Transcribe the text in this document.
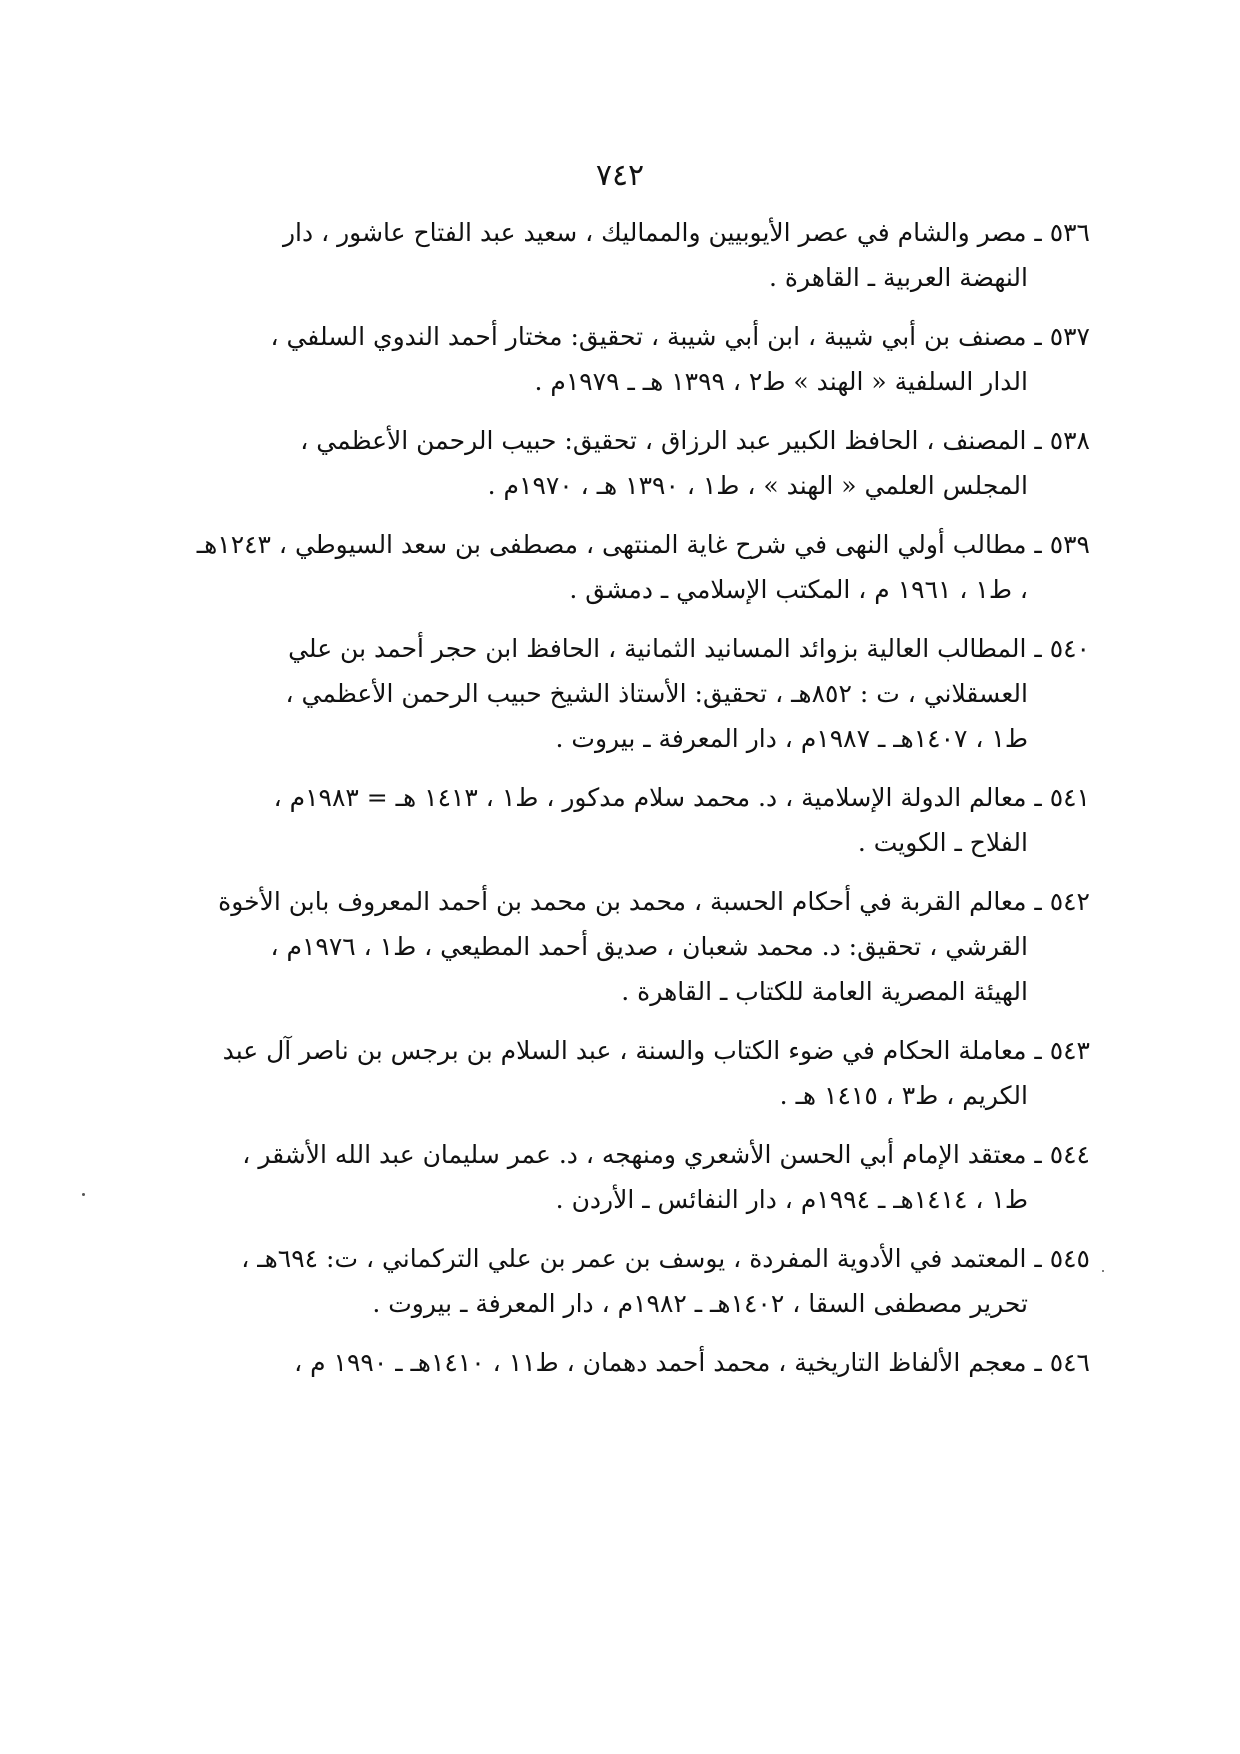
٧٤٢
٥٣٦ ـ مصر والشام في عصر الأيوبيين والمماليك ، سعيد عبد الفتاح عاشور ، دار
النهضة العربية ـ القاهرة .
٥٣٧ ـ مصنف بن أبي شيبة ، ابن أبي شيبة ، تحقيق: مختار أحمد الندوي السلفي ،
الدار السلفية « الهند » ط٢ ، ١٣٩٩ هـ ـ ١٩٧٩م .
٥٣٨ ـ المصنف ، الحافظ الكبير عبد الرزاق ، تحقيق: حبيب الرحمن الأعظمي ،
المجلس العلمي « الهند » ، ط١ ، ١٣٩٠ هـ ، ١٩٧٠م .
٥٣٩ ـ مطالب أولي النهى في شرح غاية المنتهى ، مصطفى بن سعد السيوطي ، ١٢٤٣هـ
، ط١ ، ١٩٦١ م ، المكتب الإسلامي ـ دمشق .
٥٤٠ ـ المطالب العالية بزوائد المسانيد الثمانية ، الحافظ ابن حجر أحمد بن علي
العسقلاني ، ت : ٨٥٢هـ ، تحقيق: الأستاذ الشيخ حبيب الرحمن الأعظمي ،
ط١ ، ١٤٠٧هـ ـ ١٩٨٧م ، دار المعرفة ـ بيروت .
٥٤١ ـ معالم الدولة الإسلامية ، د. محمد سلام مدكور ، ط١ ، ١٤١٣ هـ = ١٩٨٣م ،
الفلاح ـ الكويت .
٥٤٢ ـ معالم القربة في أحكام الحسبة ، محمد بن محمد بن أحمد المعروف بابن الأخوة
القرشي ، تحقيق: د. محمد شعبان ، صديق أحمد المطيعي ، ط١ ، ١٩٧٦م ،
الهيئة المصرية العامة للكتاب ـ القاهرة .
٥٤٣ ـ معاملة الحكام في ضوء الكتاب والسنة ، عبد السلام بن برجس بن ناصر آل عبد
الكريم ، ط٣ ، ١٤١٥ هـ .
٥٤٤ ـ معتقد الإمام أبي الحسن الأشعري ومنهجه ، د. عمر سليمان عبد الله الأشقر ،
ط١ ، ١٤١٤هـ ـ ١٩٩٤م ، دار النفائس ـ الأردن .
٥٤٥ ـ المعتمد في الأدوية المفردة ، يوسف بن عمر بن علي التركماني ، ت: ٦٩٤هـ ،
تحرير مصطفى السقا ، ١٤٠٢هـ ـ ١٩٨٢م ، دار المعرفة ـ بيروت .
٥٤٦ ـ معجم الألفاظ التاريخية ، محمد أحمد دهمان ، ط١١ ، ١٤١٠هـ ـ ١٩٩٠ م ،
